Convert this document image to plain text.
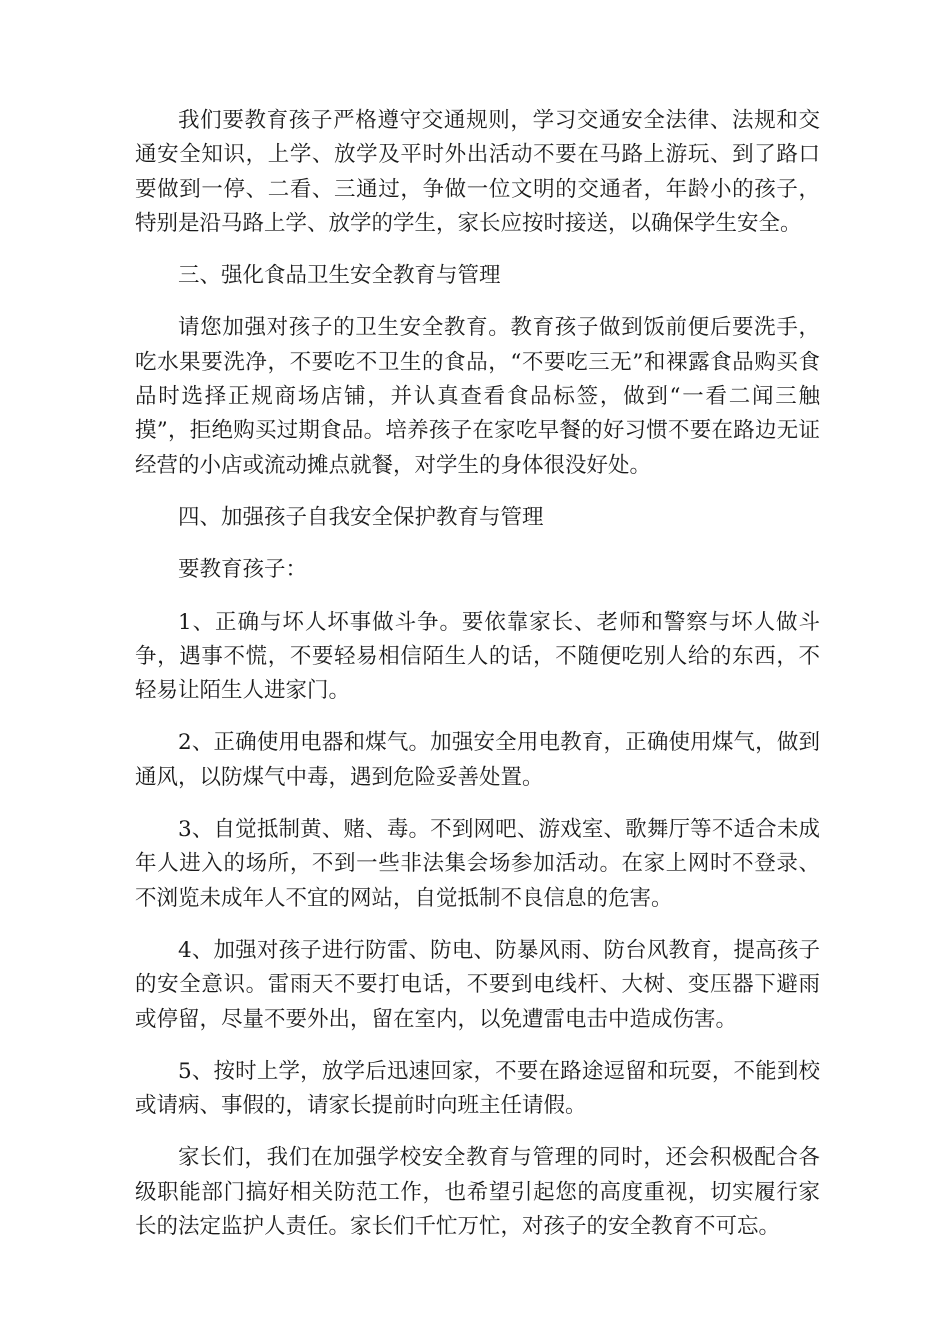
我们要教育孩子严格遵守交通规则，学习交通安全法律、法规和交通安全知识，上学、放学及平时外出活动不要在马路上游玩、到了路口要做到一停、二看、三通过，争做一位文明的交通者，年龄小的孩子，特别是沿马路上学、放学的学生，家长应按时接送，以确保学生安全。

三、强化食品卫生安全教育与管理

请您加强对孩子的卫生安全教育。教育孩子做到饭前便后要洗手，吃水果要洗净，不要吃不卫生的食品，“不要吃三无”和裸露食品购买食品时选择正规商场店铺，并认真查看食品标签，做到“一看二闻三触摸”，拒绝购买过期食品。培养孩子在家吃早餐的好习惯不要在路边无证经营的小店或流动摊点就餐，对学生的身体很没好处。

四、加强孩子自我安全保护教育与管理

要教育孩子：

1、正确与坏人坏事做斗争。要依靠家长、老师和警察与坏人做斗争，遇事不慌，不要轻易相信陌生人的话，不随便吃别人给的东西，不轻易让陌生人进家门。

2、正确使用电器和煤气。加强安全用电教育，正确使用煤气，做到通风，以防煤气中毒，遇到危险妥善处置。

3、自觉抵制黄、赌、毒。不到网吧、游戏室、歌舞厅等不适合未成年人进入的场所，不到一些非法集会场参加活动。在家上网时不登录、不浏览未成年人不宜的网站，自觉抵制不良信息的危害。

4、加强对孩子进行防雷、防电、防暴风雨、防台风教育，提高孩子的安全意识。雷雨天不要打电话，不要到电线杆、大树、变压器下避雨或停留，尽量不要外出，留在室内，以免遭雷电击中造成伤害。

5、按时上学，放学后迅速回家，不要在路途逗留和玩耍，不能到校或请病、事假的，请家长提前时向班主任请假。

家长们，我们在加强学校安全教育与管理的同时，还会积极配合各级职能部门搞好相关防范工作，也希望引起您的高度重视，切实履行家长的法定监护人责任。家长们千忙万忙，对孩子的安全教育不可忘。
